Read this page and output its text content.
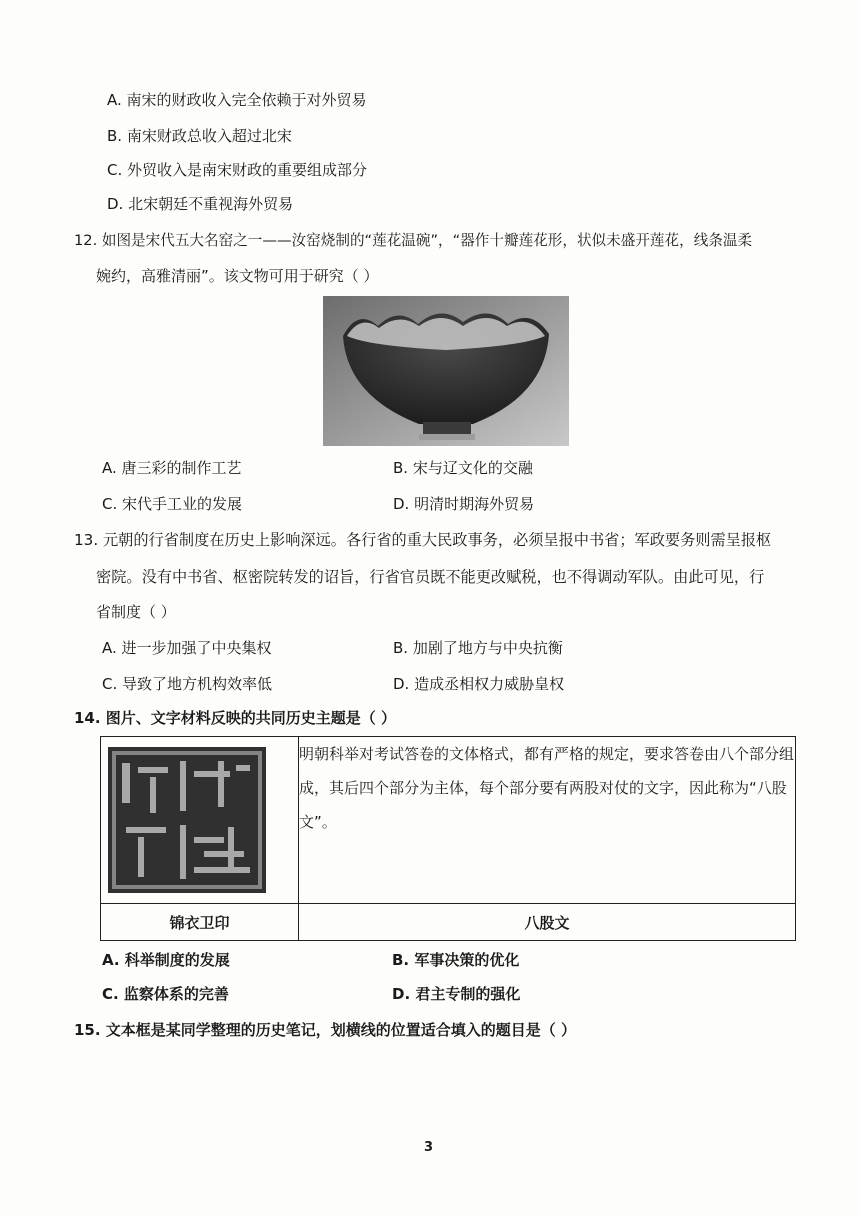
A. 南宋的财政收入完全依赖于对外贸易
B. 南宋财政总收入超过北宋
C. 外贸收入是南宋财政的重要组成部分
D. 北宋朝廷不重视海外贸易
12. 如图是宋代五大名窑之一——汝窑烧制的“莲花温碗”，“器作十瓣莲花形，状似未盛开莲花，线条温柔
婉约，高雅清丽”。该文物可用于研究（ ）
A. 唐三彩的制作工艺	B. 宋与辽文化的交融
C. 宋代手工业的发展	D. 明清时期海外贸易
13. 元朝的行省制度在历史上影响深远。各行省的重大民政事务，必须呈报中书省；军政要务则需呈报枢
密院。没有中书省、枢密院转发的诏旨，行省官员既不能更改赋税，也不得调动军队。由此可见，行
省制度（ ）
A. 进一步加强了中央集权	B. 加剧了地方与中央抗衡
C. 导致了地方机构效率低	D. 造成丞相权力威胁皇权
14. 图片、文字材料反映的共同历史主题是（ ）
	明朝科举对考试答卷的文体格式，都有严格的规定，要求答卷由八个部分组成，其后四个部分为主体，每个部分要有两股对仗的文字，因此称为“八股文”。
锦衣卫印	八股文
A. 科举制度的发展	B. 军事决策的优化
C. 监察体系的完善	D. 君主专制的强化
15. 文本框是某同学整理的历史笔记，划横线的位置适合填入的题目是（ ）
3
